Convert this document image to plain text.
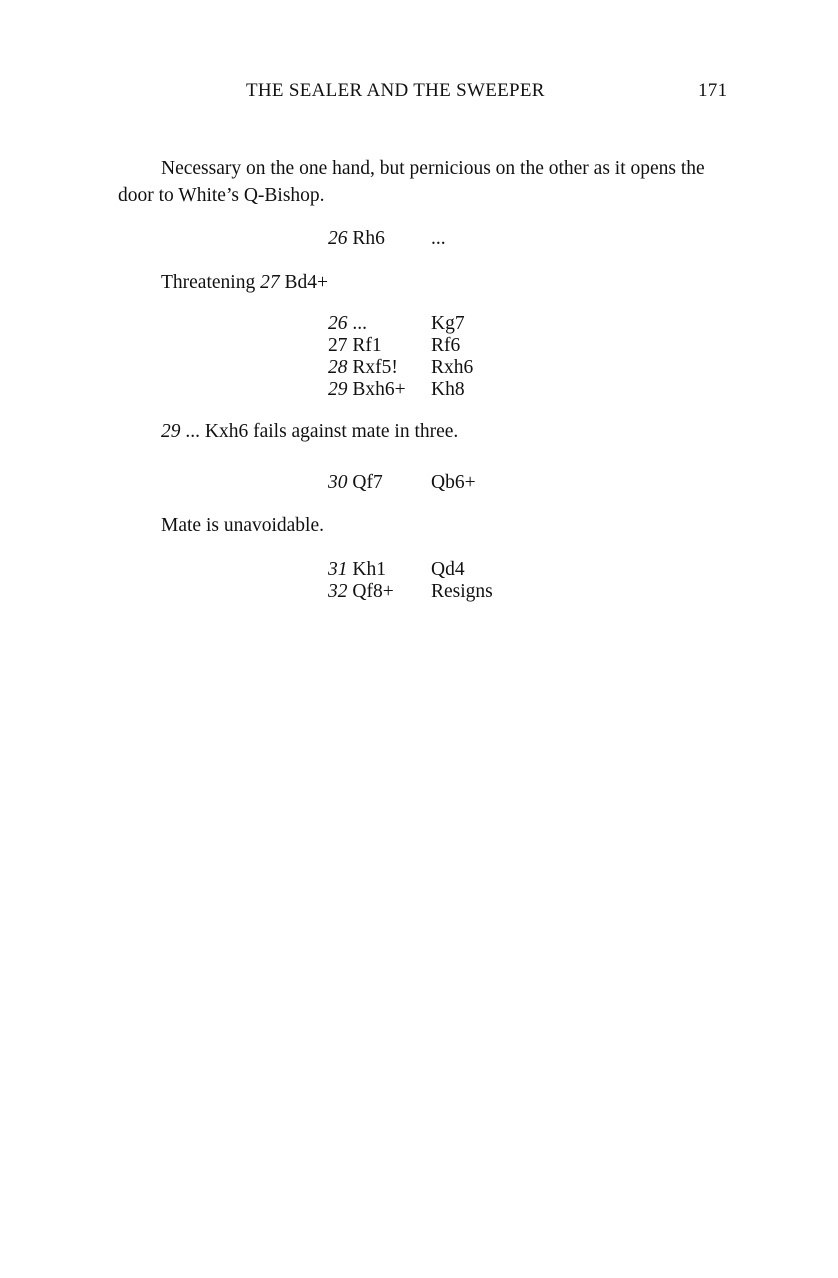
THE SEALER AND THE SWEEPER	171

Necessary on the one hand, but pernicious on the other as it opens the door to White’s Q-Bishop.

26 Rh6	...

Threatening 27 Bd4+

26 ...	Kg7
27 Rf1	Rf6
28 Rxf5!	Rxh6
29 Bxh6+	Kh8

29 ... Kxh6 fails against mate in three.

30 Qf7	Qb6+

Mate is unavoidable.

31 Kh1	Qd4
32 Qf8+	Resigns
